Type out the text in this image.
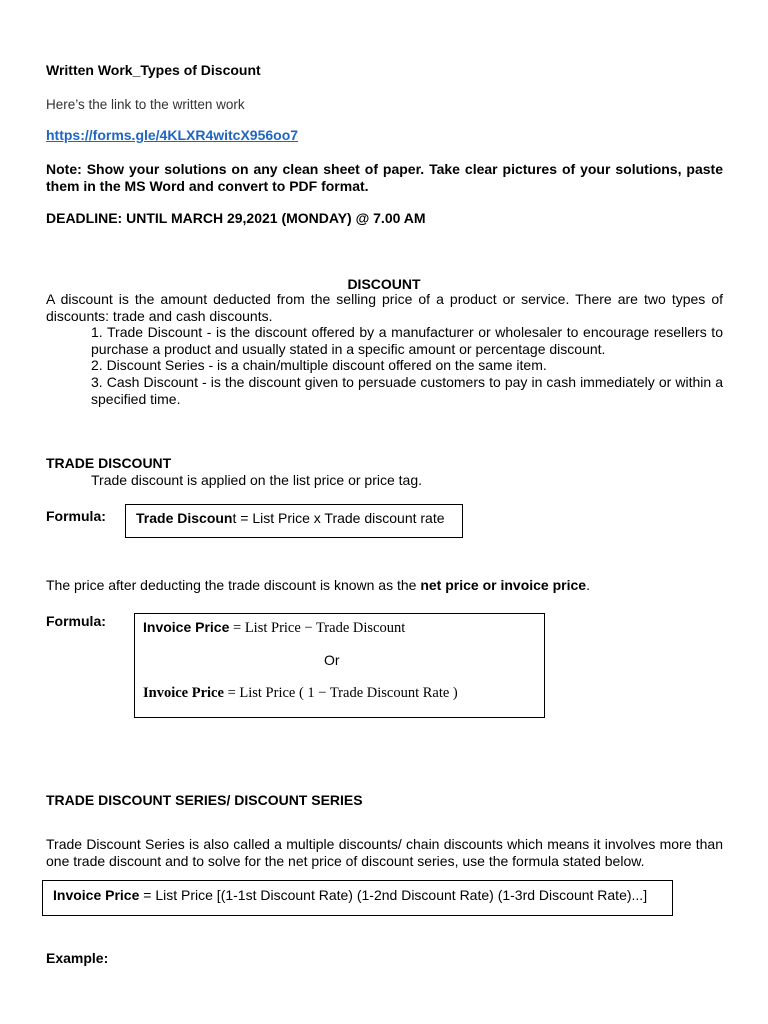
Written Work_Types of Discount
Here’s the link to the written work
https://forms.gle/4KLXR4witcX956oo7
Note: Show your solutions on any clean sheet of paper. Take clear pictures of your solutions, paste them in the MS Word and convert to PDF format.
DEADLINE: UNTIL MARCH 29,2021 (MONDAY) @ 7.00 AM
DISCOUNT
A discount is the amount deducted from the selling price of a product or service. There are two types of discounts: trade and cash discounts.
1. Trade Discount - is the discount offered by a manufacturer or wholesaler to encourage resellers to purchase a product and usually stated in a specific amount or percentage discount.
2. Discount Series - is a chain/multiple discount offered on the same item.
3. Cash Discount - is the discount given to persuade customers to pay in cash immediately or within a specified time.
TRADE DISCOUNT
Trade discount is applied on the list price or price tag.
Formula: Trade Discount = List Price x Trade discount rate
The price after deducting the trade discount is known as the net price or invoice price.
Formula:	Invoice Price = List Price − Trade Discount
Or
Invoice Price = List Price ( 1 − Trade Discount Rate )
TRADE DISCOUNT SERIES/ DISCOUNT SERIES
Trade Discount Series is also called a multiple discounts/ chain discounts which means it involves more than one trade discount and to solve for the net price of discount series, use the formula stated below.
Invoice Price = List Price [(1-1st Discount Rate) (1-2nd Discount Rate) (1-3rd Discount Rate)...]
Example:
